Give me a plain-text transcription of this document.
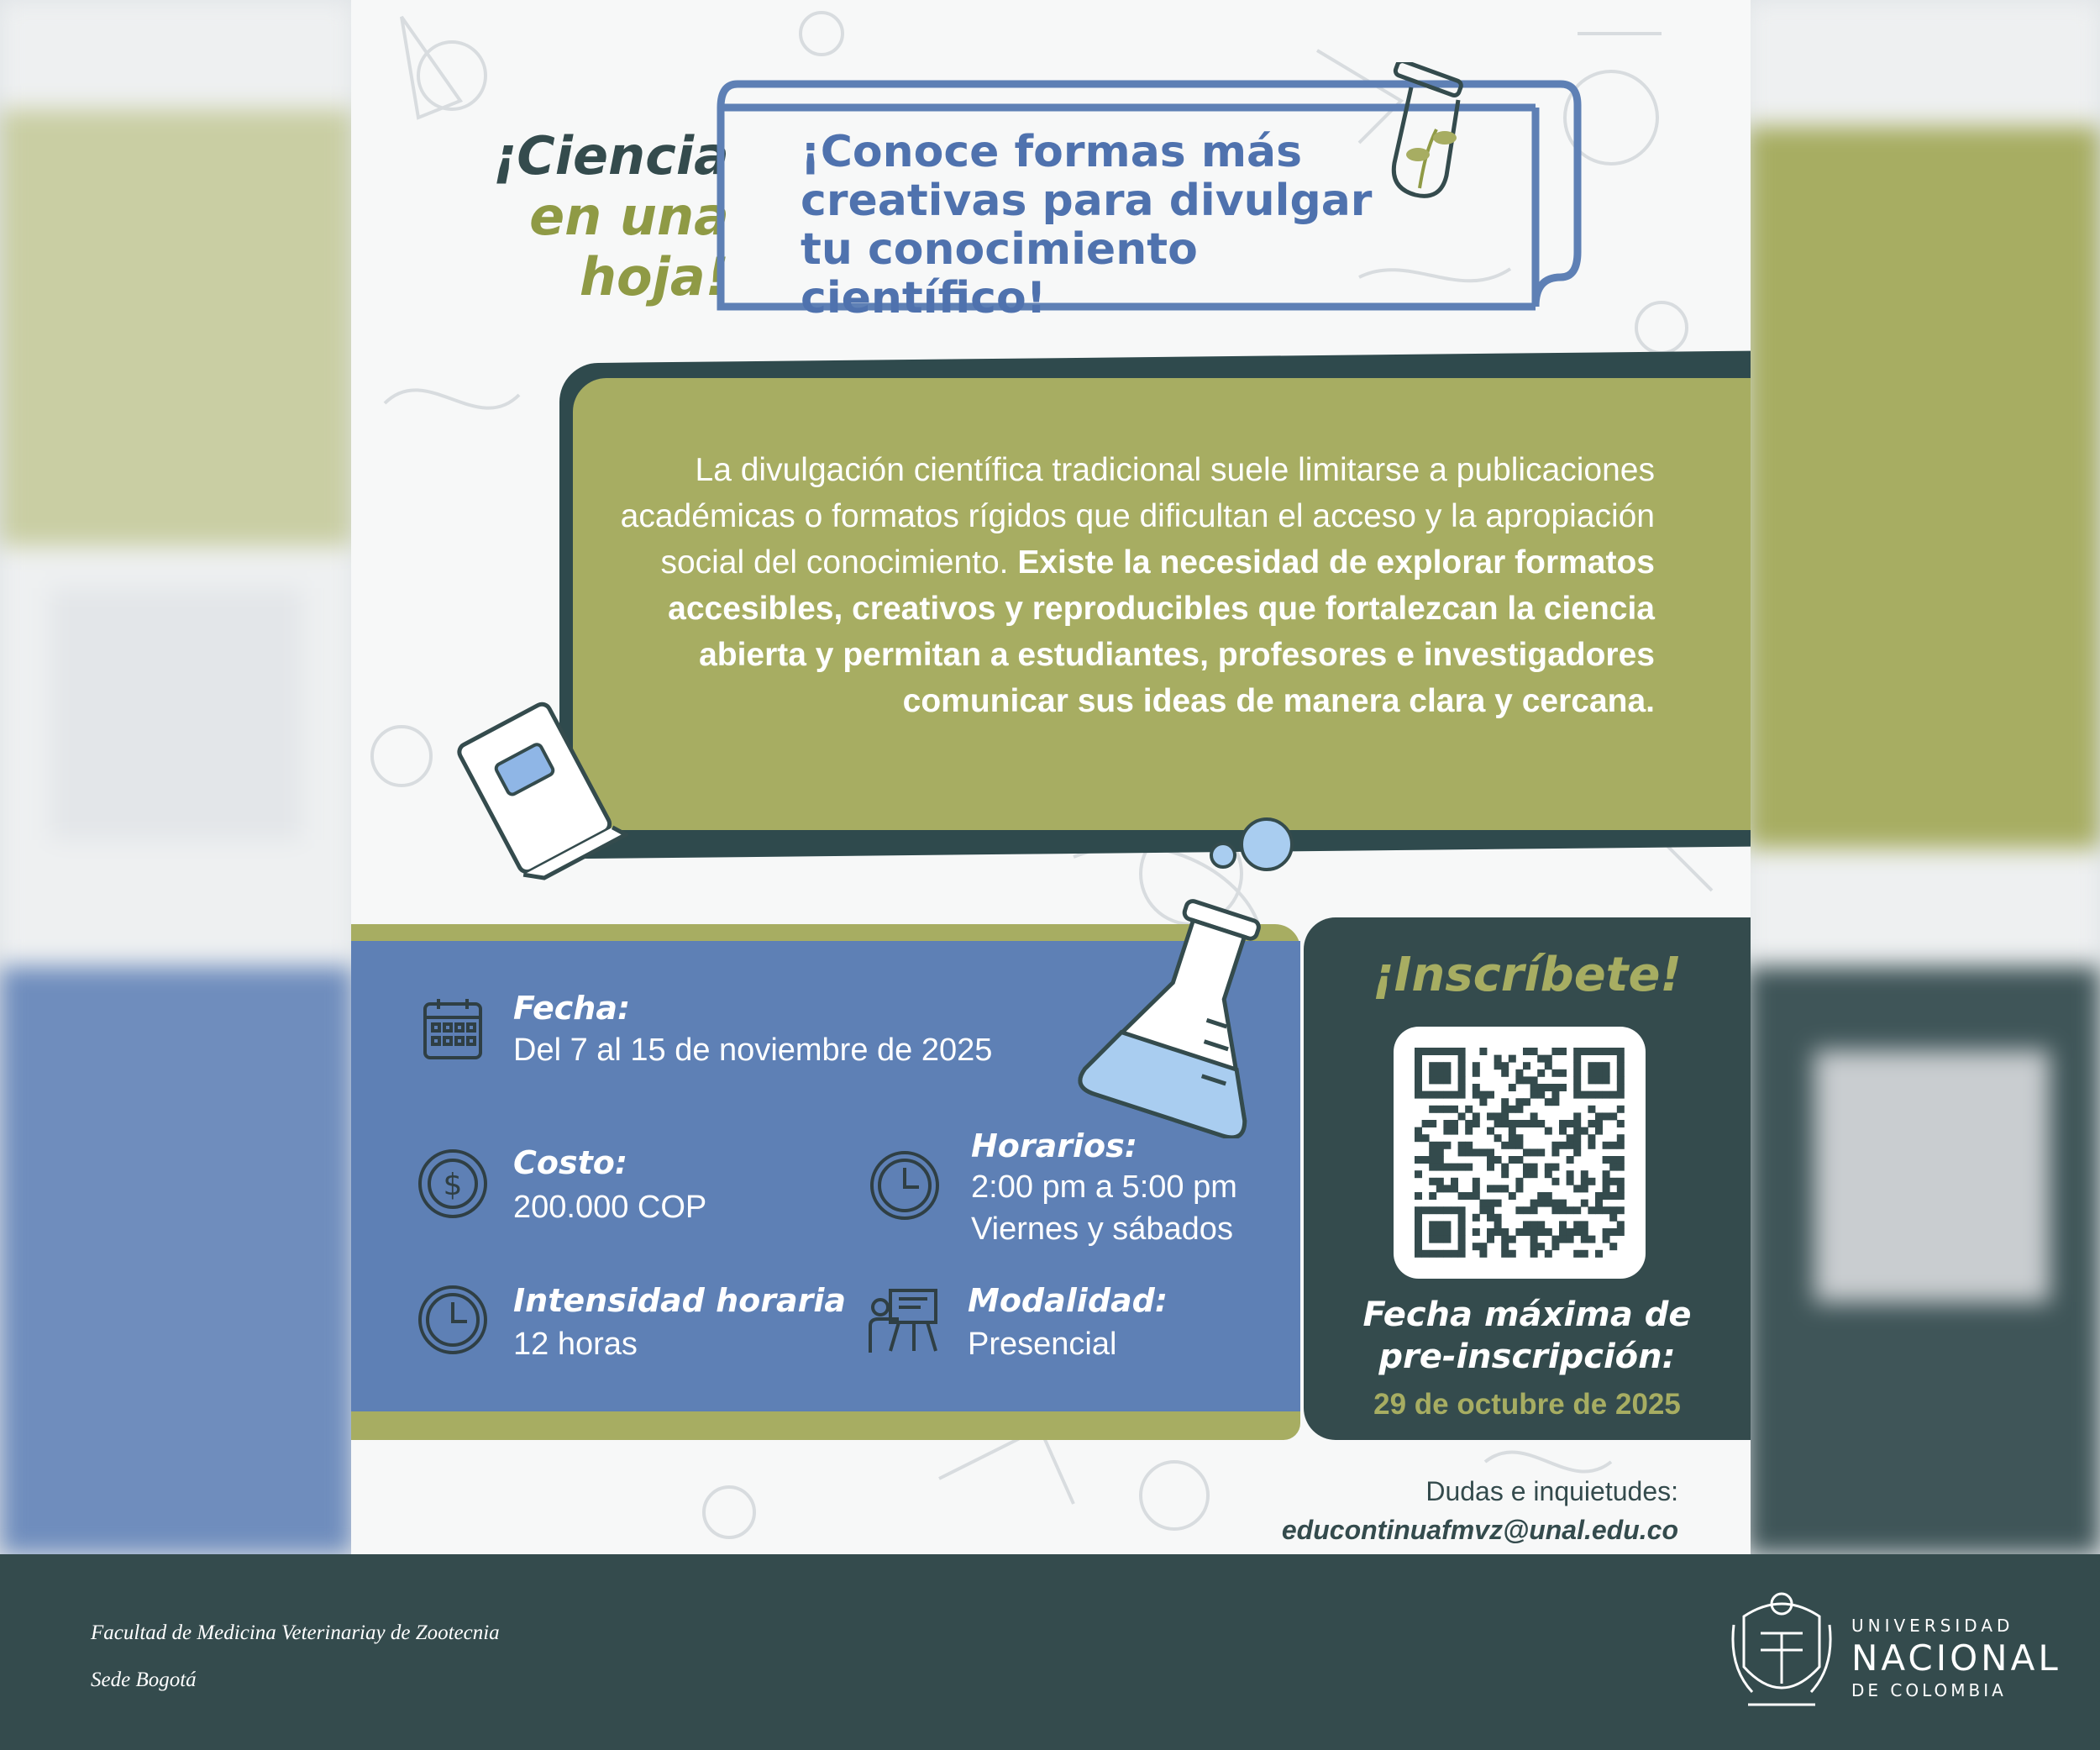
¡Ciencia
en una hoja!
¡Conoce formas más
creativas para divulgar
tu conocimiento científico!
La divulgación científica tradicional suele limitarse a publicaciones académicas o formatos rígidos que dificultan el acceso y la apropiación social del conocimiento. Existe la necesidad de explorar formatos accesibles, creativos y reproducibles que fortalezcan la ciencia abierta y permitan a estudiantes, profesores e investigadores comunicar sus ideas de manera clara y cercana.
Fecha:
Del 7 al 15 de noviembre de 2025
$
Costo:
200.000 COP
Horarios:
2:00 pm a 5:00 pm
Viernes y sábados
Intensidad horaria
12 horas
Modalidad:
Presencial
¡Inscríbete!
Fecha máxima de
pre-inscripción:
29 de octubre de 2025
Dudas e inquietudes:
educontinuafmvz@unal.edu.co
Facultad de Medicina Veterinariay de Zootecnia
Sede Bogotá
UNIVERSIDAD
NACIONAL
DE COLOMBIA
